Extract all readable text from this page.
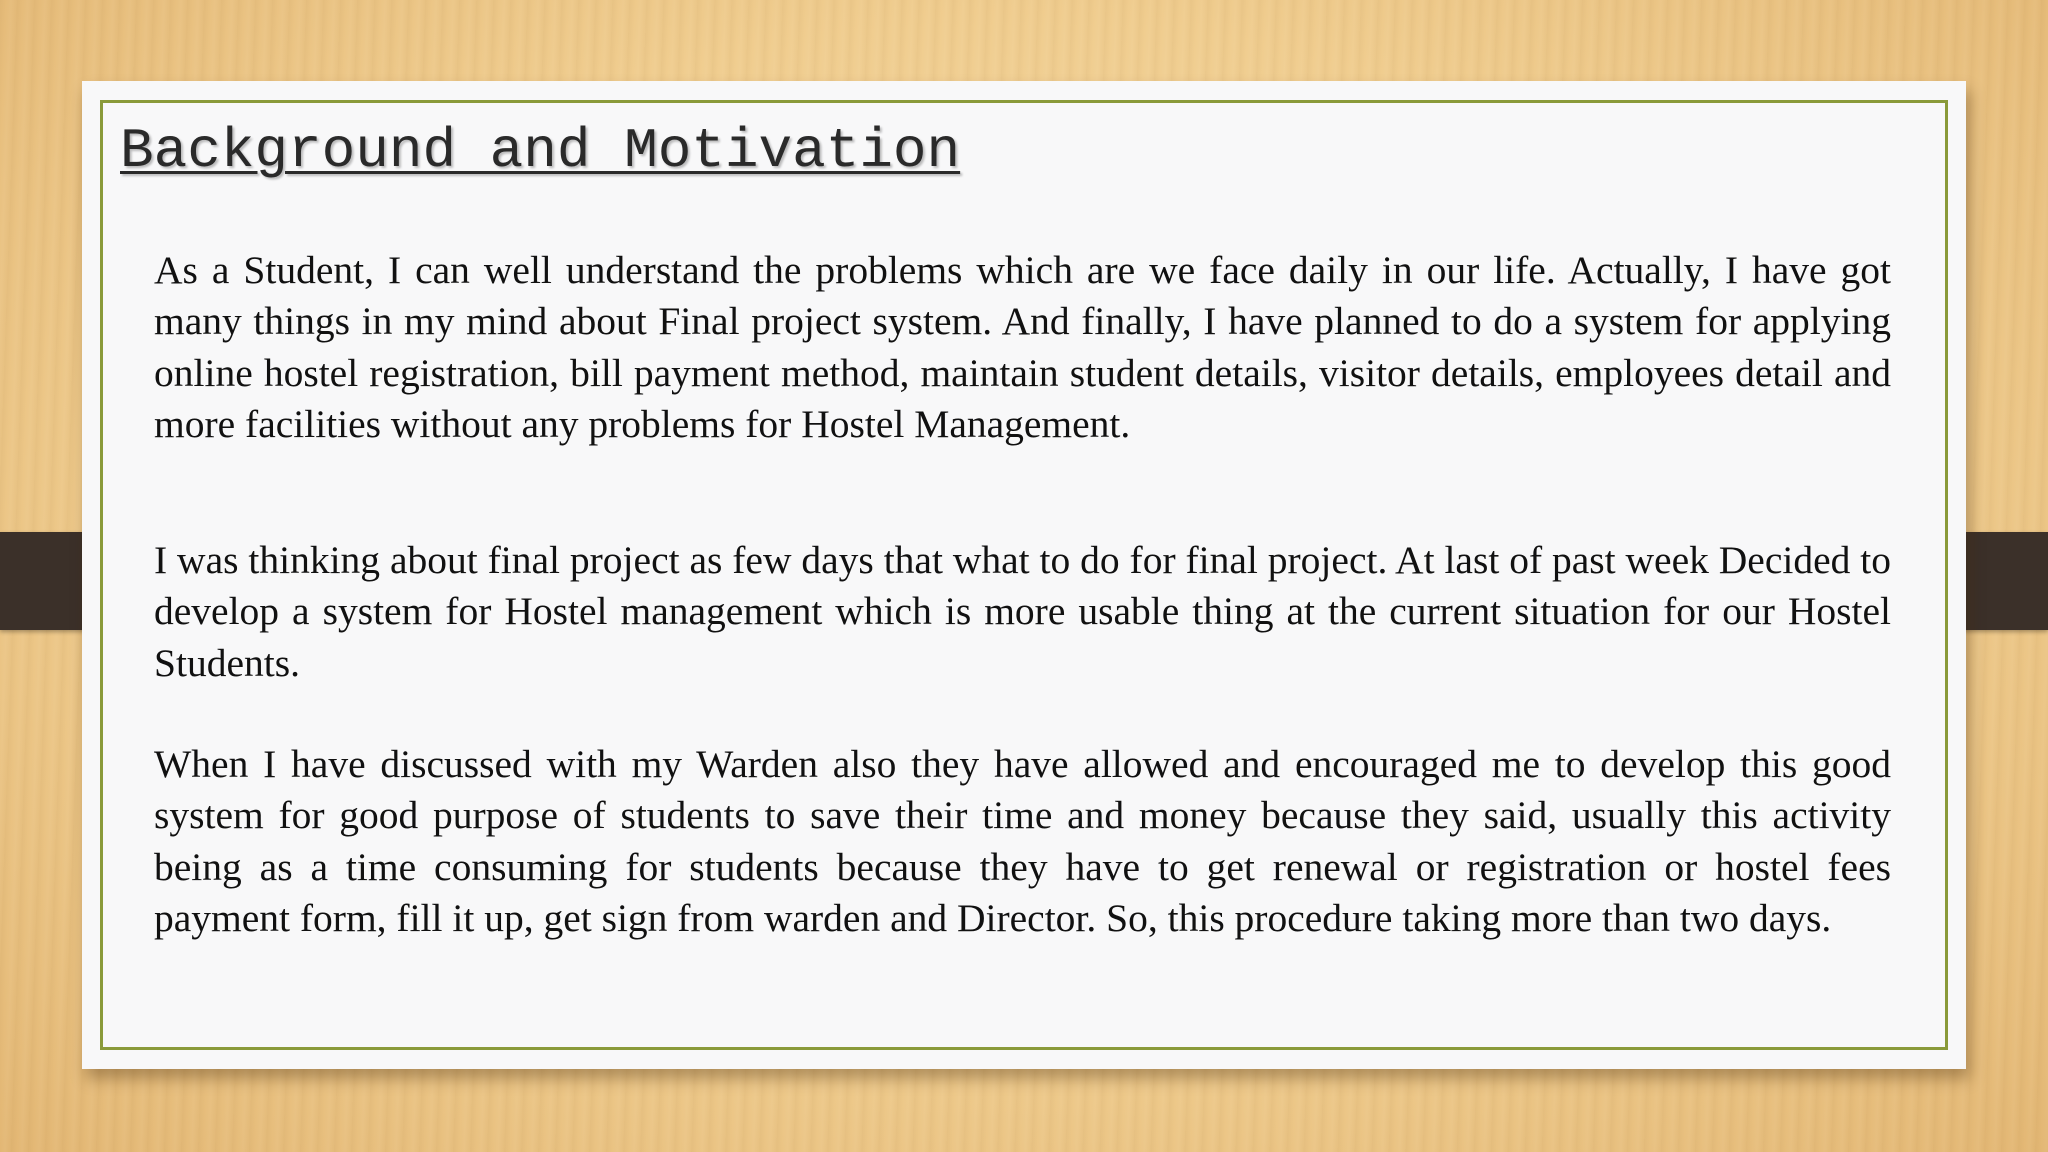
Background and Motivation

As a Student, I can well understand the problems which are we face daily in our life. Actually, I have got many things in my mind about Final project system. And finally, I have planned to do a system for applying online hostel registration, bill payment method, maintain student details, visitor details, employees detail and more facilities without any problems for Hostel Management.

I was thinking about final project as few days that what to do for final project. At last of past week Decided to develop a system for Hostel management which is more usable thing at the current situation for our Hostel Students.

When I have discussed with my Warden also they have allowed and encouraged me to develop this good system for good purpose of students to save their time and money because they said, usually this activity being as a time consuming for students because they have to get renewal or registration or hostel fees payment form, fill it up, get sign from warden and Director. So, this procedure taking more than two days.
